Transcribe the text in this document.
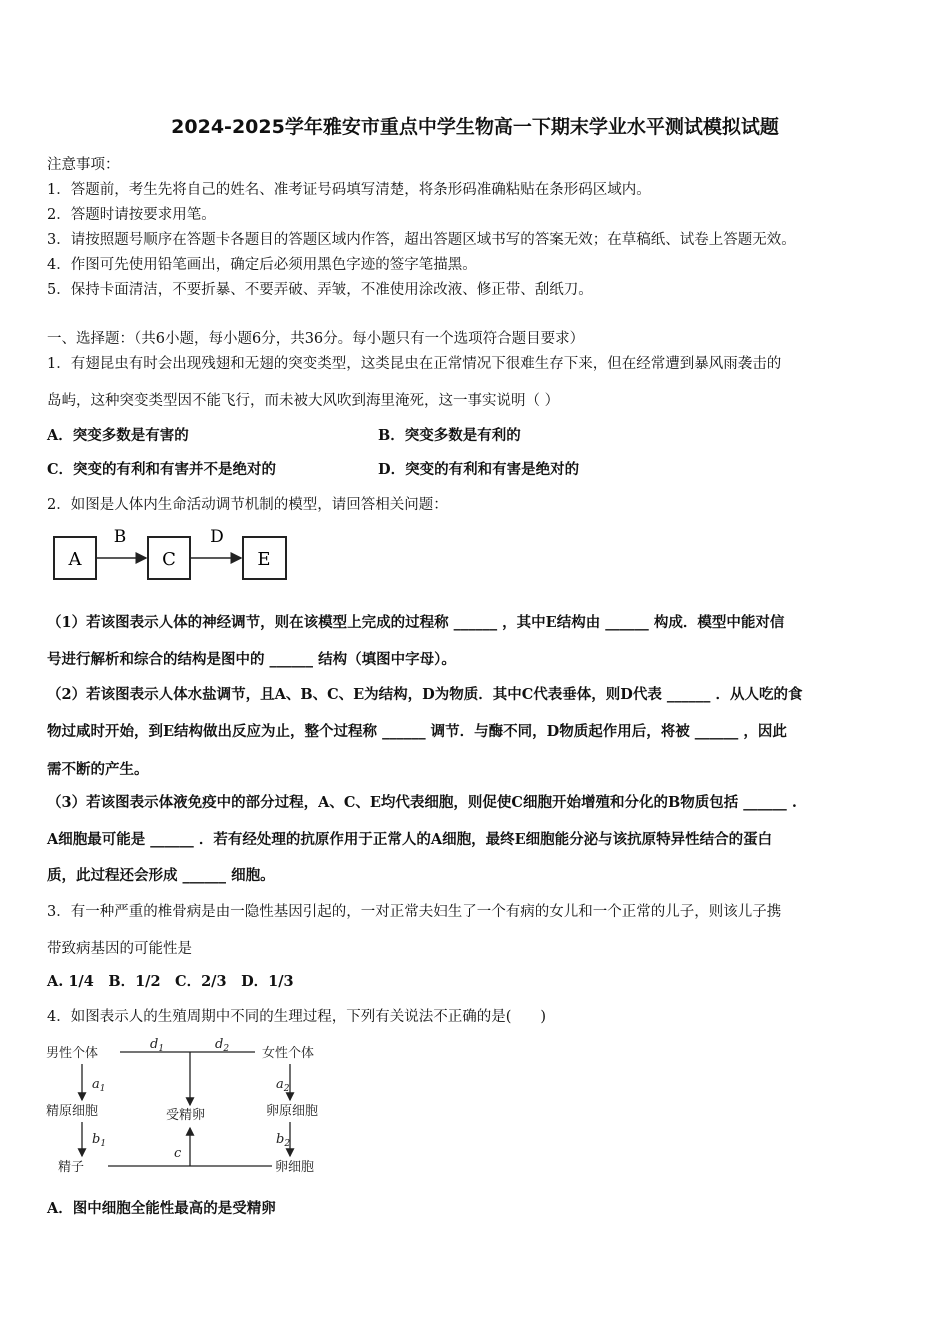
2024-2025学年雅安市重点中学生物高一下期末学业水平测试模拟试题
注意事项：
1．答题前，考生先将自己的姓名、准考证号码填写清楚，将条形码准确粘贴在条形码区域内。
2．答题时请按要求用笔。
3．请按照题号顺序在答题卡各题目的答题区域内作答，超出答题区域书写的答案无效；在草稿纸、试卷上答题无效。
4．作图可先使用铅笔画出，确定后必须用黑色字迹的签字笔描黑。
5．保持卡面清洁，不要折暴、不要弄破、弄皱，不准使用涂改液、修正带、刮纸刀。
一、选择题：（共6小题，每小题6分，共36分。每小题只有一个选项符合题目要求）
1．有翅昆虫有时会出现残翅和无翅的突变类型，这类昆虫在正常情况下很难生存下来，但在经常遭到暴风雨袭击的
岛屿，这种突变类型因不能飞行，而未被大风吹到海里淹死，这一事实说明（ ）
A．突变多数是有害的	B．突变多数是有利的
C．突变的有利和有害并不是绝对的	D．突变的有利和有害是绝对的
2．如图是人体内生命活动调节机制的模型，请回答相关问题：
A	C	E
B	D
（1）若该图表示人体的神经调节，则在该模型上完成的过程称 ______ ，其中E结构由 ______ 构成．模型中能对信
号进行解析和综合的结构是图中的 ______ 结构（填图中字母）。
（2）若该图表示人体水盐调节，且A、B、C、E为结构，D为物质．其中C代表垂体，则D代表 ______ ．从人吃的食
物过咸时开始，到E结构做出反应为止，整个过程称 ______ 调节．与酶不同，D物质起作用后，将被 ______ ，因此
需不断的产生。
（3）若该图表示体液免疫中的部分过程，A、C、E均代表细胞，则促使C细胞开始增殖和分化的B物质包括 ______ .
A细胞最可能是 ______ ．若有经处理的抗原作用于正常人的A细胞，最终E细胞能分泌与该抗原特异性结合的蛋白
质，此过程还会形成 ______ 细胞。
3．有一种严重的椎骨病是由一隐性基因引起的，一对正常夫妇生了一个有病的女儿和一个正常的儿子，则该儿子携
带致病基因的可能性是
A. 1/4　B．1/2　C．2/3　D．1/3
4．如图表示人的生殖周期中不同的生理过程，下列有关说法不正确的是(　　)
男性个体	女性个体
精原细胞	受精卵	卵原细胞
精子	卵细胞
$d_1$	$d_2$
$a_1$	$a_2$
$b_1$	$b_2$
c
A．图中细胞全能性最高的是受精卵
